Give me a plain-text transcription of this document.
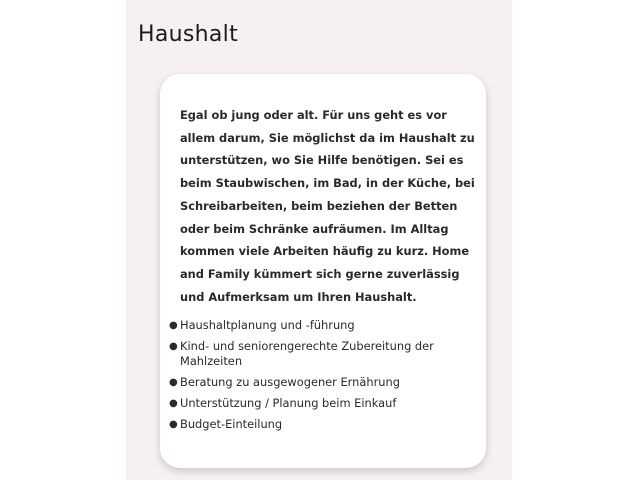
Haushalt

Egal ob jung oder alt. Für uns geht es vor allem darum, Sie möglichst da im Haushalt zu unterstützen, wo Sie Hilfe benötigen. Sei es beim Staubwischen, im Bad, in der Küche, bei Schreibarbeiten, beim beziehen der Betten oder beim Schränke aufräumen. Im Alltag kommen viele Arbeiten häufig zu kurz. Home and Family kümmert sich gerne zuverlässig und Aufmerksam um Ihren Haushalt.

● Haushaltplanung und -führung
● Kind- und seniorengerechte Zubereitung der Mahlzeiten
● Beratung zu ausgewogener Ernährung
● Unterstützung / Planung beim Einkauf
● Budget-Einteilung
